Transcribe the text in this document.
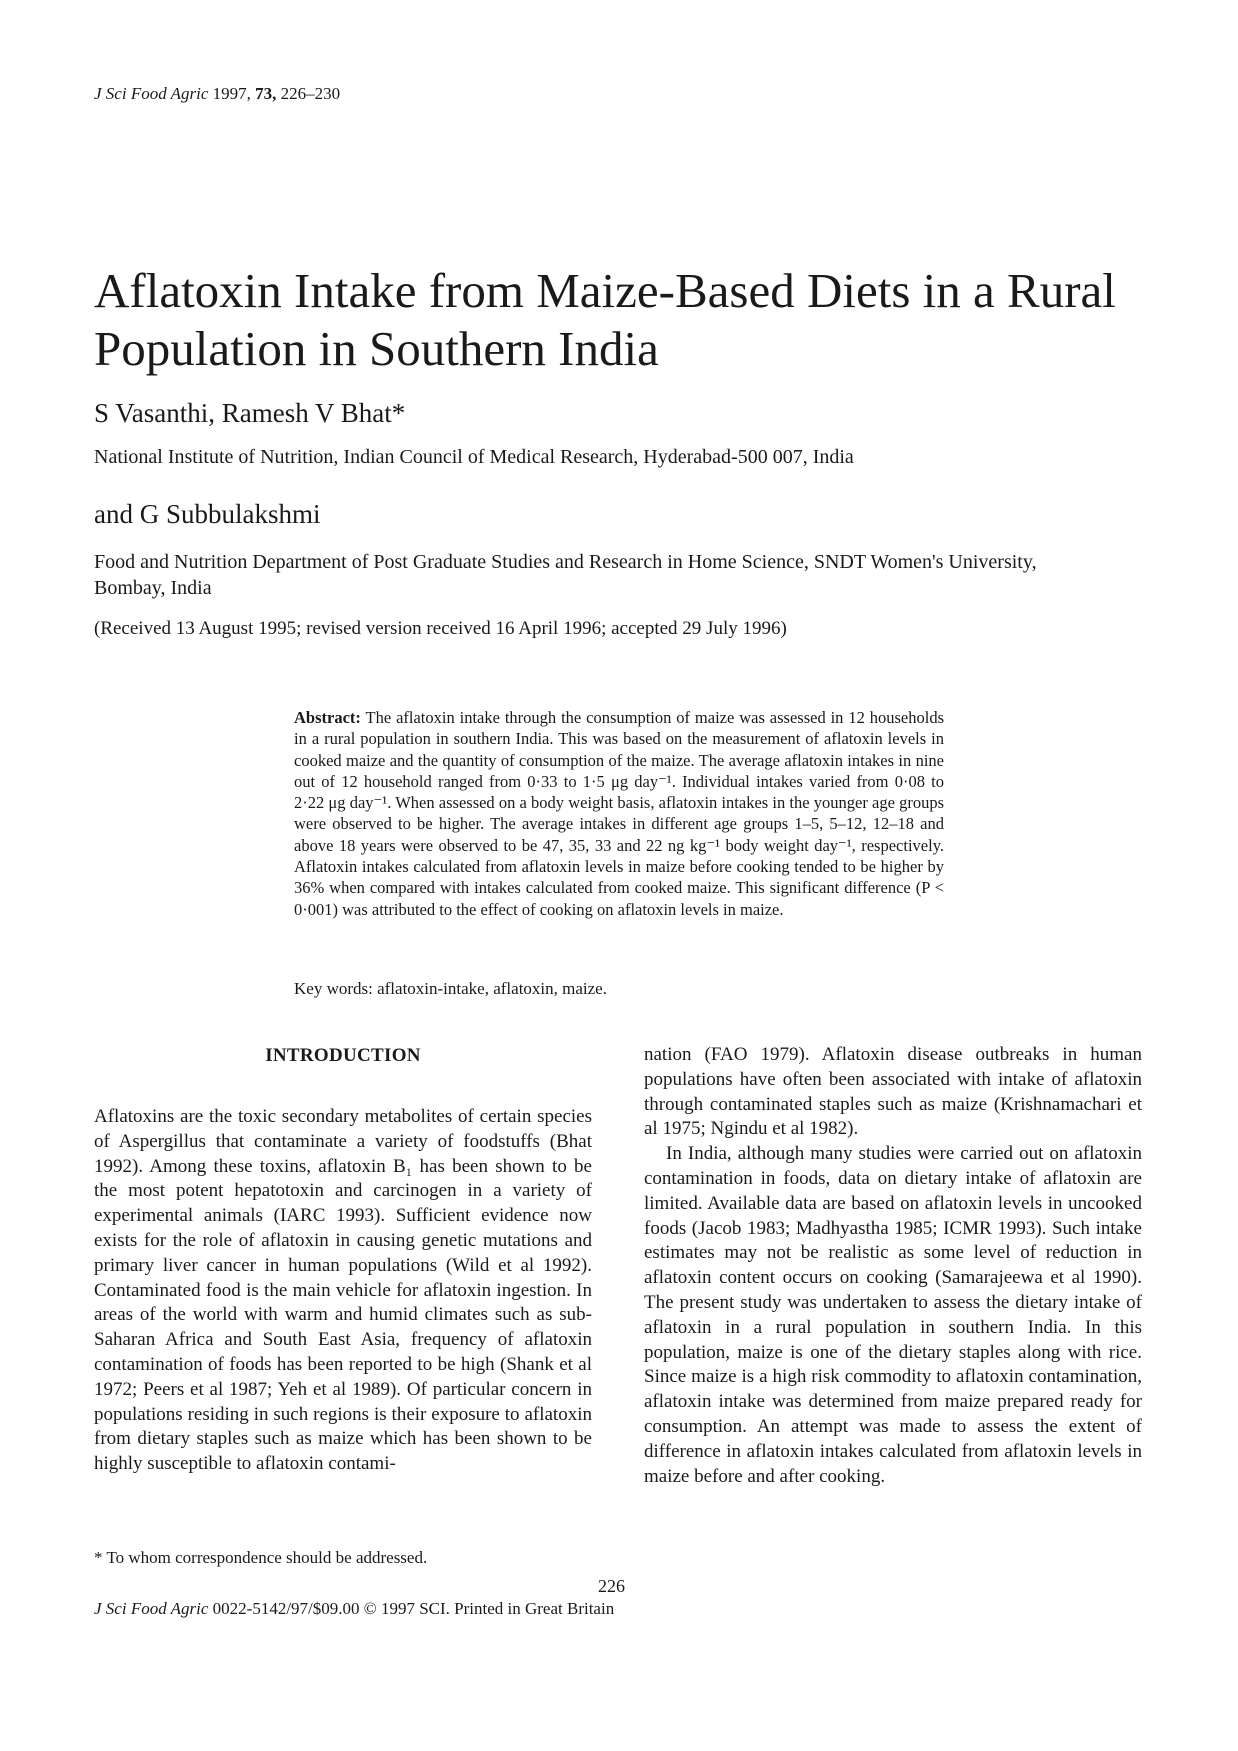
J Sci Food Agric 1997, 73, 226–230
Aflatoxin Intake from Maize-Based Diets in a Rural Population in Southern India
S Vasanthi, Ramesh V Bhat*
National Institute of Nutrition, Indian Council of Medical Research, Hyderabad-500 007, India
and G Subbulakshmi
Food and Nutrition Department of Post Graduate Studies and Research in Home Science, SNDT Women's University, Bombay, India
(Received 13 August 1995; revised version received 16 April 1996; accepted 29 July 1996)
Abstract: The aflatoxin intake through the consumption of maize was assessed in 12 households in a rural population in southern India. This was based on the measurement of aflatoxin levels in cooked maize and the quantity of consumption of the maize. The average aflatoxin intakes in nine out of 12 household ranged from 0·33 to 1·5 μg day⁻¹. Individual intakes varied from 0·08 to 2·22 μg day⁻¹. When assessed on a body weight basis, aflatoxin intakes in the younger age groups were observed to be higher. The average intakes in different age groups 1–5, 5–12, 12–18 and above 18 years were observed to be 47, 35, 33 and 22 ng kg⁻¹ body weight day⁻¹, respectively. Aflatoxin intakes calculated from aflatoxin levels in maize before cooking tended to be higher by 36% when compared with intakes calculated from cooked maize. This significant difference (P < 0·001) was attributed to the effect of cooking on aflatoxin levels in maize.
Key words: aflatoxin-intake, aflatoxin, maize.
INTRODUCTION

Aflatoxins are the toxic secondary metabolites of certain species of Aspergillus that contaminate a variety of foodstuffs (Bhat 1992). Among these toxins, aflatoxin B₁ has been shown to be the most potent hepatotoxin and carcinogen in a variety of experimental animals (IARC 1993). Sufficient evidence now exists for the role of aflatoxin in causing genetic mutations and primary liver cancer in human populations (Wild et al 1992). Contaminated food is the main vehicle for aflatoxin ingestion. In areas of the world with warm and humid climates such as sub-Saharan Africa and South East Asia, frequency of aflatoxin contamination of foods has been reported to be high (Shank et al 1972; Peers et al 1987; Yeh et al 1989). Of particular concern in populations residing in such regions is their exposure to aflatoxin from dietary staples such as maize which has been shown to be highly susceptible to aflatoxin contami-

nation (FAO 1979). Aflatoxin disease outbreaks in human populations have often been associated with intake of aflatoxin through contaminated staples such as maize (Krishnamachari et al 1975; Ngindu et al 1982).

In India, although many studies were carried out on aflatoxin contamination in foods, data on dietary intake of aflatoxin are limited. Available data are based on aflatoxin levels in uncooked foods (Jacob 1983; Madhyastha 1985; ICMR 1993). Such intake estimates may not be realistic as some level of reduction in aflatoxin content occurs on cooking (Samarajeewa et al 1990). The present study was undertaken to assess the dietary intake of aflatoxin in a rural population in southern India. In this population, maize is one of the dietary staples along with rice. Since maize is a high risk commodity to aflatoxin contamination, aflatoxin intake was determined from maize prepared ready for consumption. An attempt was made to assess the extent of difference in aflatoxin intakes calculated from aflatoxin levels in maize before and after cooking.

* To whom correspondence should be addressed.
226
J Sci Food Agric 0022-5142/97/$09.00 © 1997 SCI. Printed in Great Britain
